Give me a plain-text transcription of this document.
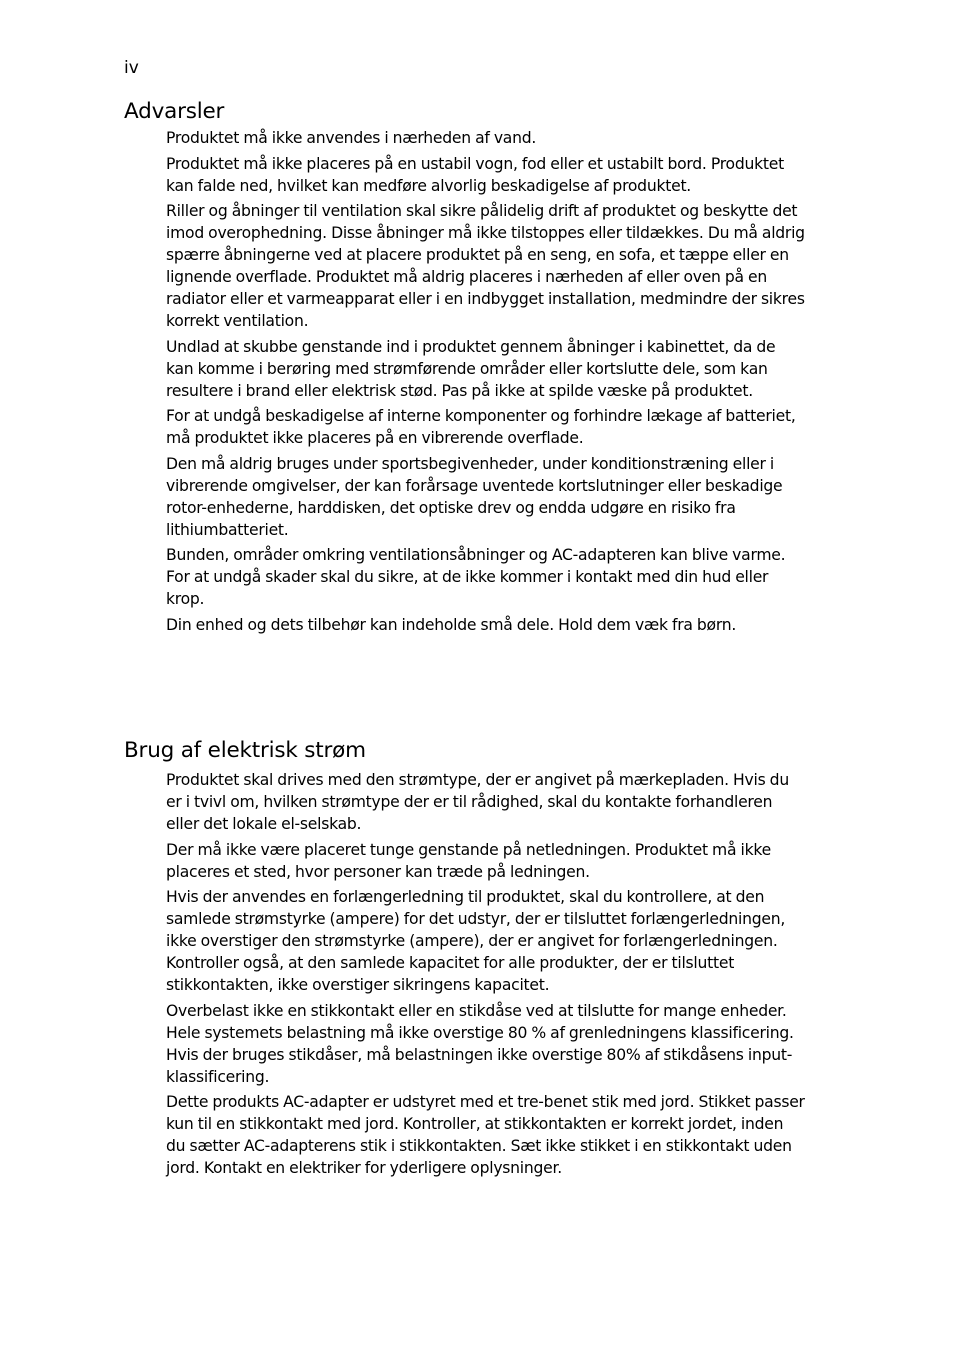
iv
Advarsler

Produktet må ikke anvendes i nærheden af vand.

Produktet må ikke placeres på en ustabil vogn, fod eller et ustabilt bord. Produktet kan falde ned, hvilket kan medføre alvorlig beskadigelse af produktet.

Riller og åbninger til ventilation skal sikre pålidelig drift af produktet og beskytte det imod overophedning. Disse åbninger må ikke tilstoppes eller tildækkes. Du må aldrig spærre åbningerne ved at placere produktet på en seng, en sofa, et tæppe eller en lignende overflade. Produktet må aldrig placeres i nærheden af eller oven på en radiator eller et varmeapparat eller i en indbygget installation, medmindre der sikres korrekt ventilation.

Undlad at skubbe genstande ind i produktet gennem åbninger i kabinettet, da de kan komme i berøring med strømførende områder eller kortslutte dele, som kan resultere i brand eller elektrisk stød. Pas på ikke at spilde væske på produktet.

For at undgå beskadigelse af interne komponenter og forhindre lækage af batteriet, må produktet ikke placeres på en vibrerende overflade.

Den må aldrig bruges under sportsbegivenheder, under konditionstræning eller i vibrerende omgivelser, der kan forårsage uventede kortslutninger eller beskadige rotor-enhederne, harddisken, det optiske drev og endda udgøre en risiko fra lithiumbatteriet.

Bunden, områder omkring ventilationsåbninger og AC-adapteren kan blive varme. For at undgå skader skal du sikre, at de ikke kommer i kontakt med din hud eller krop.

Din enhed og dets tilbehør kan indeholde små dele. Hold dem væk fra børn.

Brug af elektrisk strøm

Produktet skal drives med den strømtype, der er angivet på mærkepladen. Hvis du er i tvivl om, hvilken strømtype der er til rådighed, skal du kontakte forhandleren eller det lokale el-selskab.

Der må ikke være placeret tunge genstande på netledningen. Produktet må ikke placeres et sted, hvor personer kan træde på ledningen.

Hvis der anvendes en forlængerledning til produktet, skal du kontrollere, at den samlede strømstyrke (ampere) for det udstyr, der er tilsluttet forlængerledningen, ikke overstiger den strømstyrke (ampere), der er angivet for forlængerledningen. Kontroller også, at den samlede kapacitet for alle produkter, der er tilsluttet stikkontakten, ikke overstiger sikringens kapacitet.

Overbelast ikke en stikkontakt eller en stikdåse ved at tilslutte for mange enheder. Hele systemets belastning må ikke overstige 80 % af grenledningens klassificering. Hvis der bruges stikdåser, må belastningen ikke overstige 80% af stikdåsens input-klassificering.

Dette produkts AC-adapter er udstyret med et tre-benet stik med jord. Stikket passer kun til en stikkontakt med jord. Kontroller, at stikkontakten er korrekt jordet, inden du sætter AC-adapterens stik i stikkontakten. Sæt ikke stikket i en stikkontakt uden jord. Kontakt en elektriker for yderligere oplysninger.
